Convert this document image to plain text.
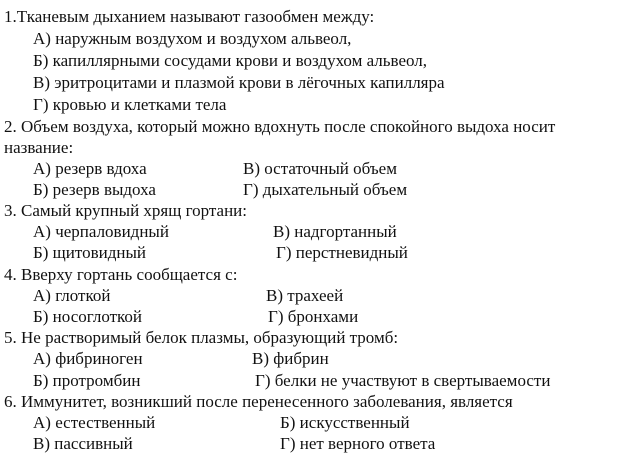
1.Тканевым дыханием называют газообмен между:
А) наружным воздухом и воздухом альвеол,
Б) капиллярными сосудами крови и воздухом альвеол,
В) эритроцитами и плазмой крови в лёгочных капилляра
Г) кровью и клетками тела
2. Объем воздуха, который можно вдохнуть после спокойного выдоха носит
название:
А) резерв вдоха	В) остаточный объем
Б) резерв выдоха	Г) дыхательный объем
3. Самый крупный хрящ гортани:
А) черпаловидный	В) надгортанный
Б) щитовидный	Г) перстневидный
4. Вверху гортань сообщается с:
А) глоткой	В) трахеей
Б) носоглоткой	Г) бронхами
5. Не растворимый белок плазмы, образующий тромб:
А) фибриноген	В) фибрин
Б) протромбин	Г) белки не участвуют в свертываемости
6. Иммунитет, возникший после перенесенного заболевания, является
А) естественный	Б) искусственный
В) пассивный	Г) нет верного ответа
